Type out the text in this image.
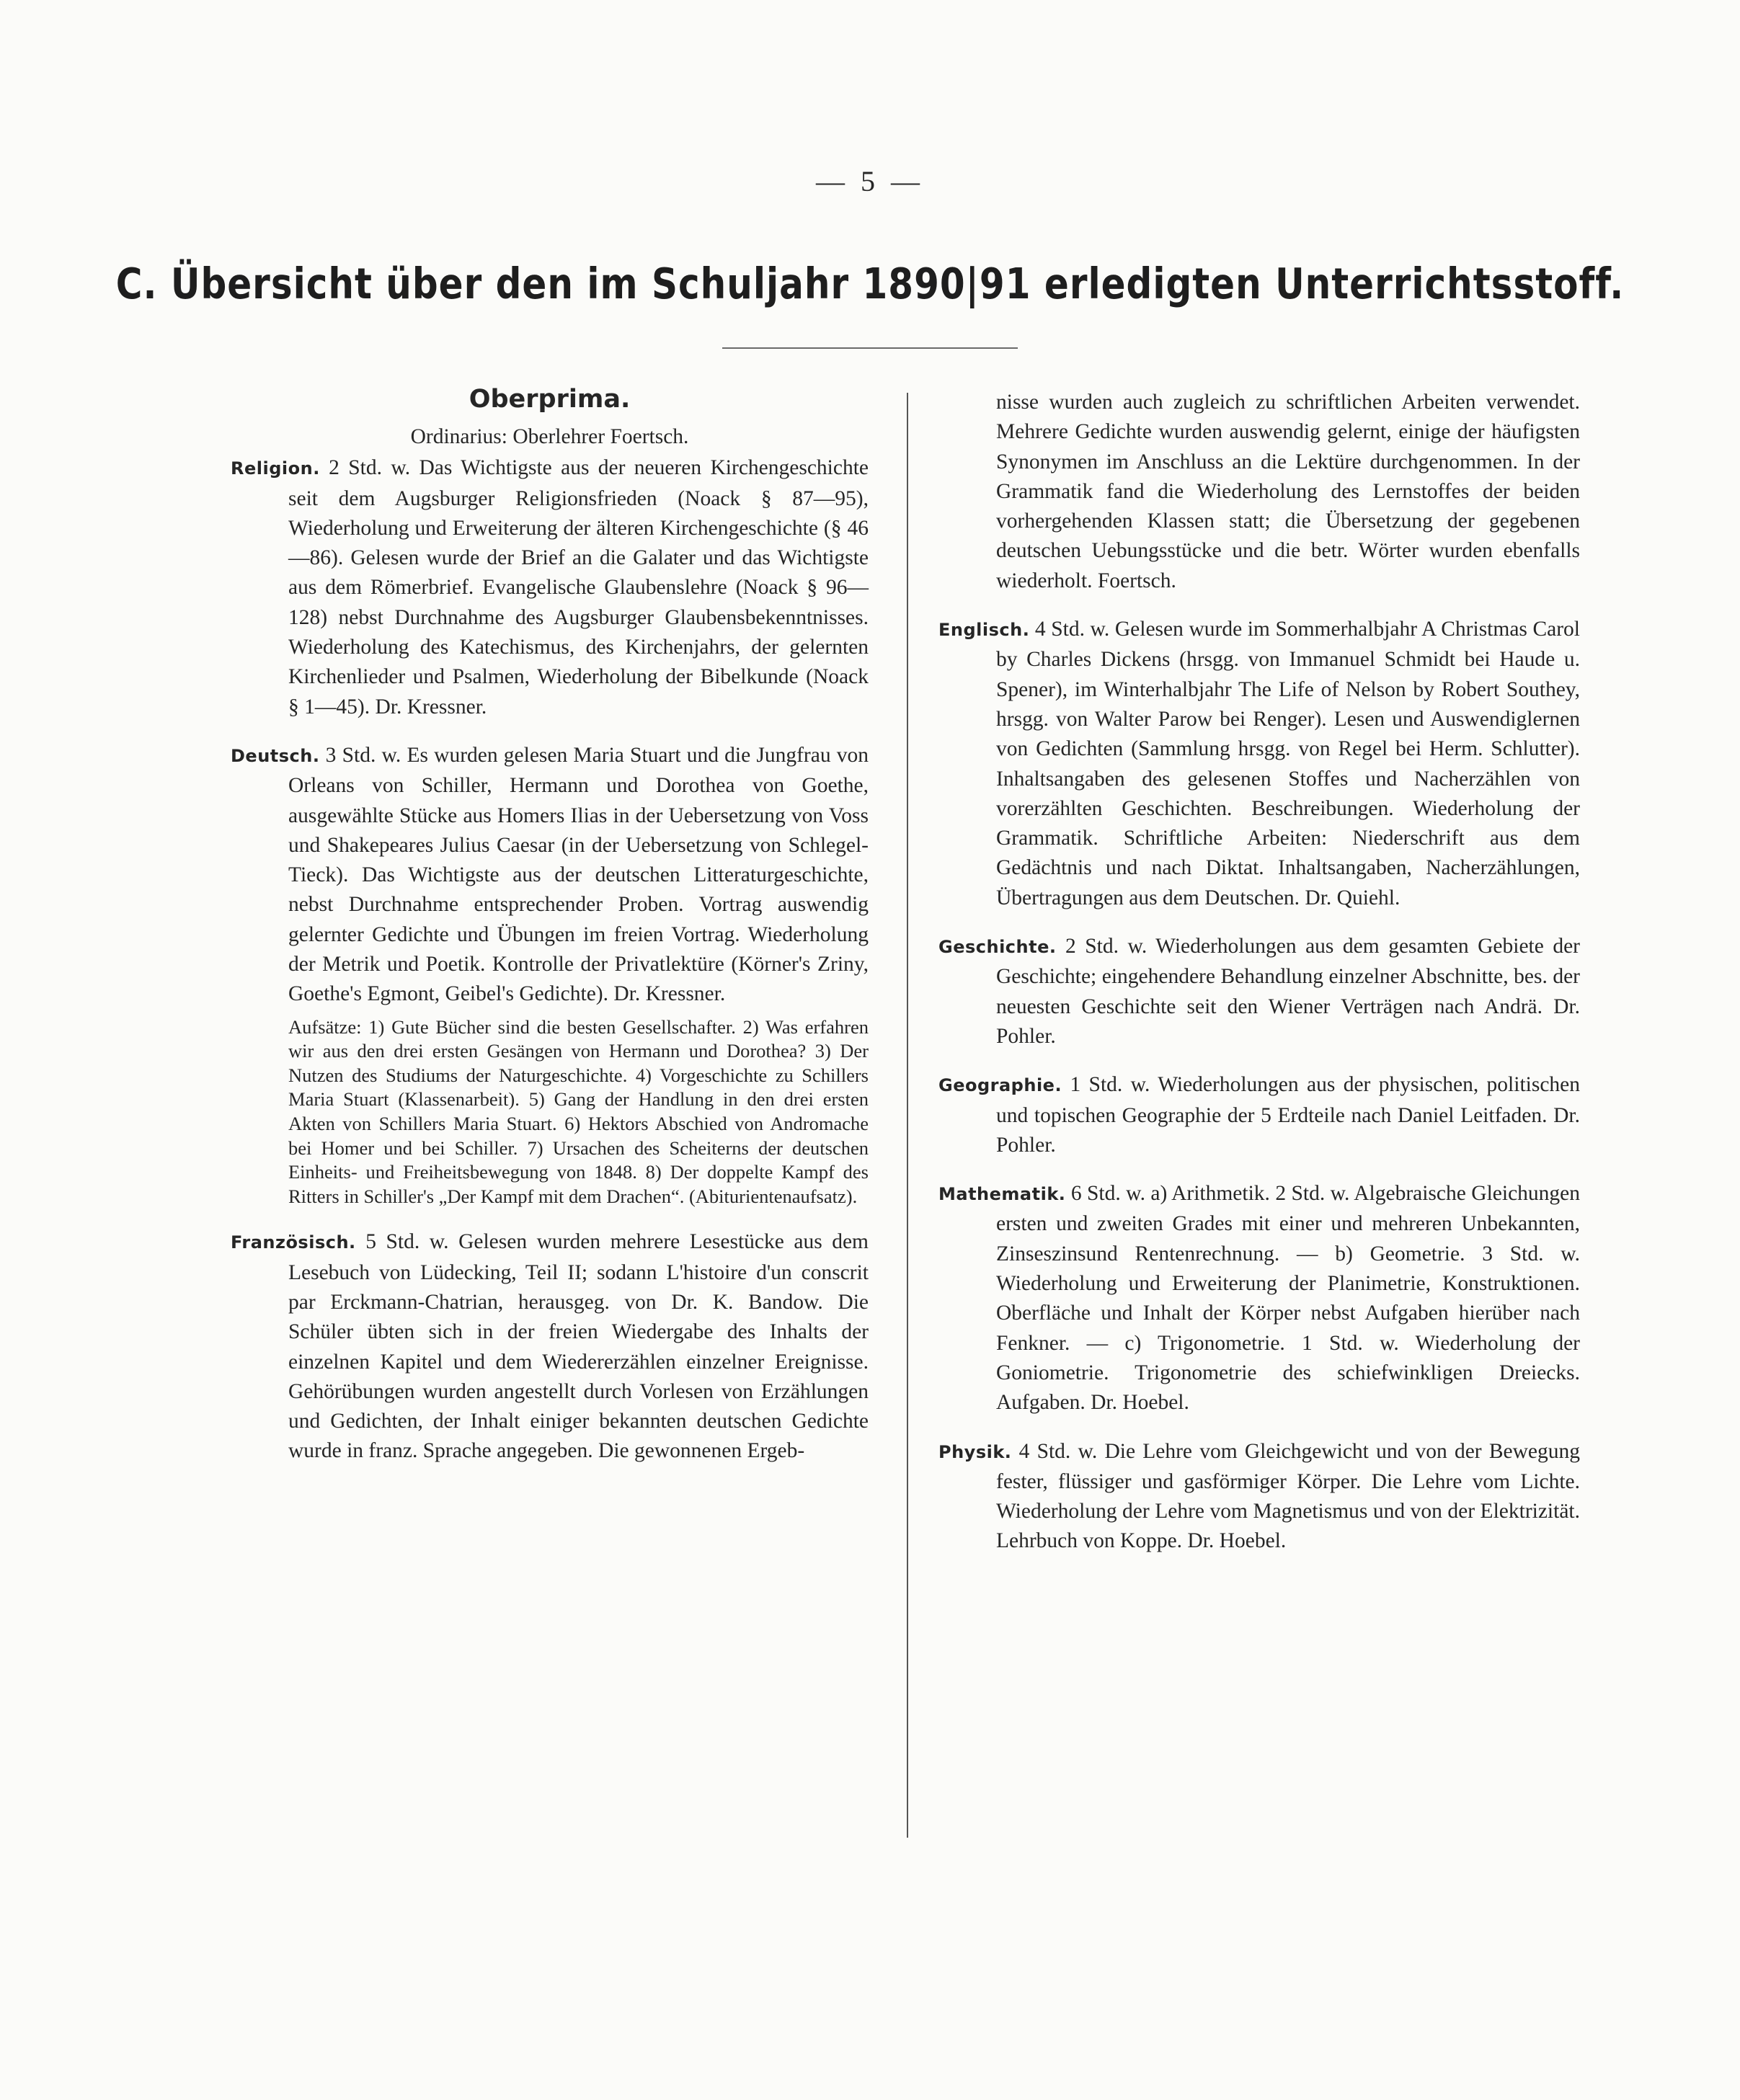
— 5 —
C. Übersicht über den im Schuljahr 1890|91 erledigten Unterrichtsstoff.
Oberprima.
Ordinarius: Oberlehrer Foertsch.

Religion. 2 Std. w. Das Wichtigste aus der neueren Kirchengeschichte seit dem Augsburger Religionsfrieden (Noack § 87—95), Wiederholung und Erweiterung der älteren Kirchengeschichte (§ 46—86). Gelesen wurde der Brief an die Galater und das Wichtigste aus dem Römerbrief. Evangelische Glaubenslehre (Noack § 96—128) nebst Durchnahme des Augsburger Glaubensbekenntnisses. Wiederholung des Katechismus, des Kirchenjahrs, der gelernten Kirchenlieder und Psalmen, Wiederholung der Bibelkunde (Noack § 1—45). Dr. Kressner.

Deutsch. 3 Std. w. Es wurden gelesen Maria Stuart und die Jungfrau von Orleans von Schiller, Hermann und Dorothea von Goethe, ausgewählte Stücke aus Homers Ilias in der Uebersetzung von Voss und Shakepeares Julius Caesar (in der Uebersetzung von Schlegel-Tieck). Das Wichtigste aus der deutschen Litteraturgeschichte, nebst Durchnahme entsprechender Proben. Vortrag auswendig gelernter Gedichte und Übungen im freien Vortrag. Wiederholung der Metrik und Poetik. Kontrolle der Privatlektüre (Körner's Zriny, Goethe's Egmont, Geibel's Gedichte). Dr. Kressner.

Aufsätze: 1) Gute Bücher sind die besten Gesellschafter. 2) Was erfahren wir aus den drei ersten Gesängen von Hermann und Dorothea? 3) Der Nutzen des Studiums der Naturgeschichte. 4) Vorgeschichte zu Schillers Maria Stuart (Klassenarbeit). 5) Gang der Handlung in den drei ersten Akten von Schillers Maria Stuart. 6) Hektors Abschied von Andromache bei Homer und bei Schiller. 7) Ursachen des Scheiterns der deutschen Einheits- und Freiheitsbewegung von 1848. 8) Der doppelte Kampf des Ritters in Schiller's „Der Kampf mit dem Drachen“. (Abiturientenaufsatz).

Französisch. 5 Std. w. Gelesen wurden mehrere Lesestücke aus dem Lesebuch von Lüdecking, Teil II; sodann L'histoire d'un conscrit par Erckmann-Chatrian, herausgeg. von Dr. K. Bandow. Die Schüler übten sich in der freien Wiedergabe des Inhalts der einzelnen Kapitel und dem Wiedererzählen einzelner Ereignisse. Gehörübungen wurden angestellt durch Vorlesen von Erzählungen und Gedichten, der Inhalt einiger bekannten deutschen Gedichte wurde in franz. Sprache angegeben. Die gewonnenen Ergeb-

nisse wurden auch zugleich zu schriftlichen Arbeiten verwendet. Mehrere Gedichte wurden auswendig gelernt, einige der häufigsten Synonymen im Anschluss an die Lektüre durchgenommen. In der Grammatik fand die Wiederholung des Lernstoffes der beiden vorhergehenden Klassen statt; die Übersetzung der gegebenen deutschen Uebungsstücke und die betr. Wörter wurden ebenfalls wiederholt. Foertsch.

Englisch. 4 Std. w. Gelesen wurde im Sommerhalbjahr A Christmas Carol by Charles Dickens (hrsgg. von Immanuel Schmidt bei Haude u. Spener), im Winterhalbjahr The Life of Nelson by Robert Southey, hrsgg. von Walter Parow bei Renger). Lesen und Auswendiglernen von Gedichten (Sammlung hrsgg. von Regel bei Herm. Schlutter). Inhaltsangaben des gelesenen Stoffes und Nacherzählen von vorerzählten Geschichten. Beschreibungen. Wiederholung der Grammatik. Schriftliche Arbeiten: Niederschrift aus dem Gedächtnis und nach Diktat. Inhaltsangaben, Nacherzählungen, Übertragungen aus dem Deutschen. Dr. Quiehl.

Geschichte. 2 Std. w. Wiederholungen aus dem gesamten Gebiete der Geschichte; eingehendere Behandlung einzelner Abschnitte, bes. der neuesten Geschichte seit den Wiener Verträgen nach Andrä. Dr. Pohler.

Geographie. 1 Std. w. Wiederholungen aus der physischen, politischen und topischen Geographie der 5 Erdteile nach Daniel Leitfaden. Dr. Pohler.

Mathematik. 6 Std. w. a) Arithmetik. 2 Std. w. Algebraische Gleichungen ersten und zweiten Grades mit einer und mehreren Unbekannten, Zinseszinsund Rentenrechnung. — b) Geometrie. 3 Std. w. Wiederholung und Erweiterung der Planimetrie, Konstruktionen. Oberfläche und Inhalt der Körper nebst Aufgaben hierüber nach Fenkner. — c) Trigonometrie. 1 Std. w. Wiederholung der Goniometrie. Trigonometrie des schiefwinkligen Dreiecks. Aufgaben. Dr. Hoebel.

Physik. 4 Std. w. Die Lehre vom Gleichgewicht und von der Bewegung fester, flüssiger und gasförmiger Körper. Die Lehre vom Lichte. Wiederholung der Lehre vom Magnetismus und von der Elektrizität. Lehrbuch von Koppe. Dr. Hoebel.
